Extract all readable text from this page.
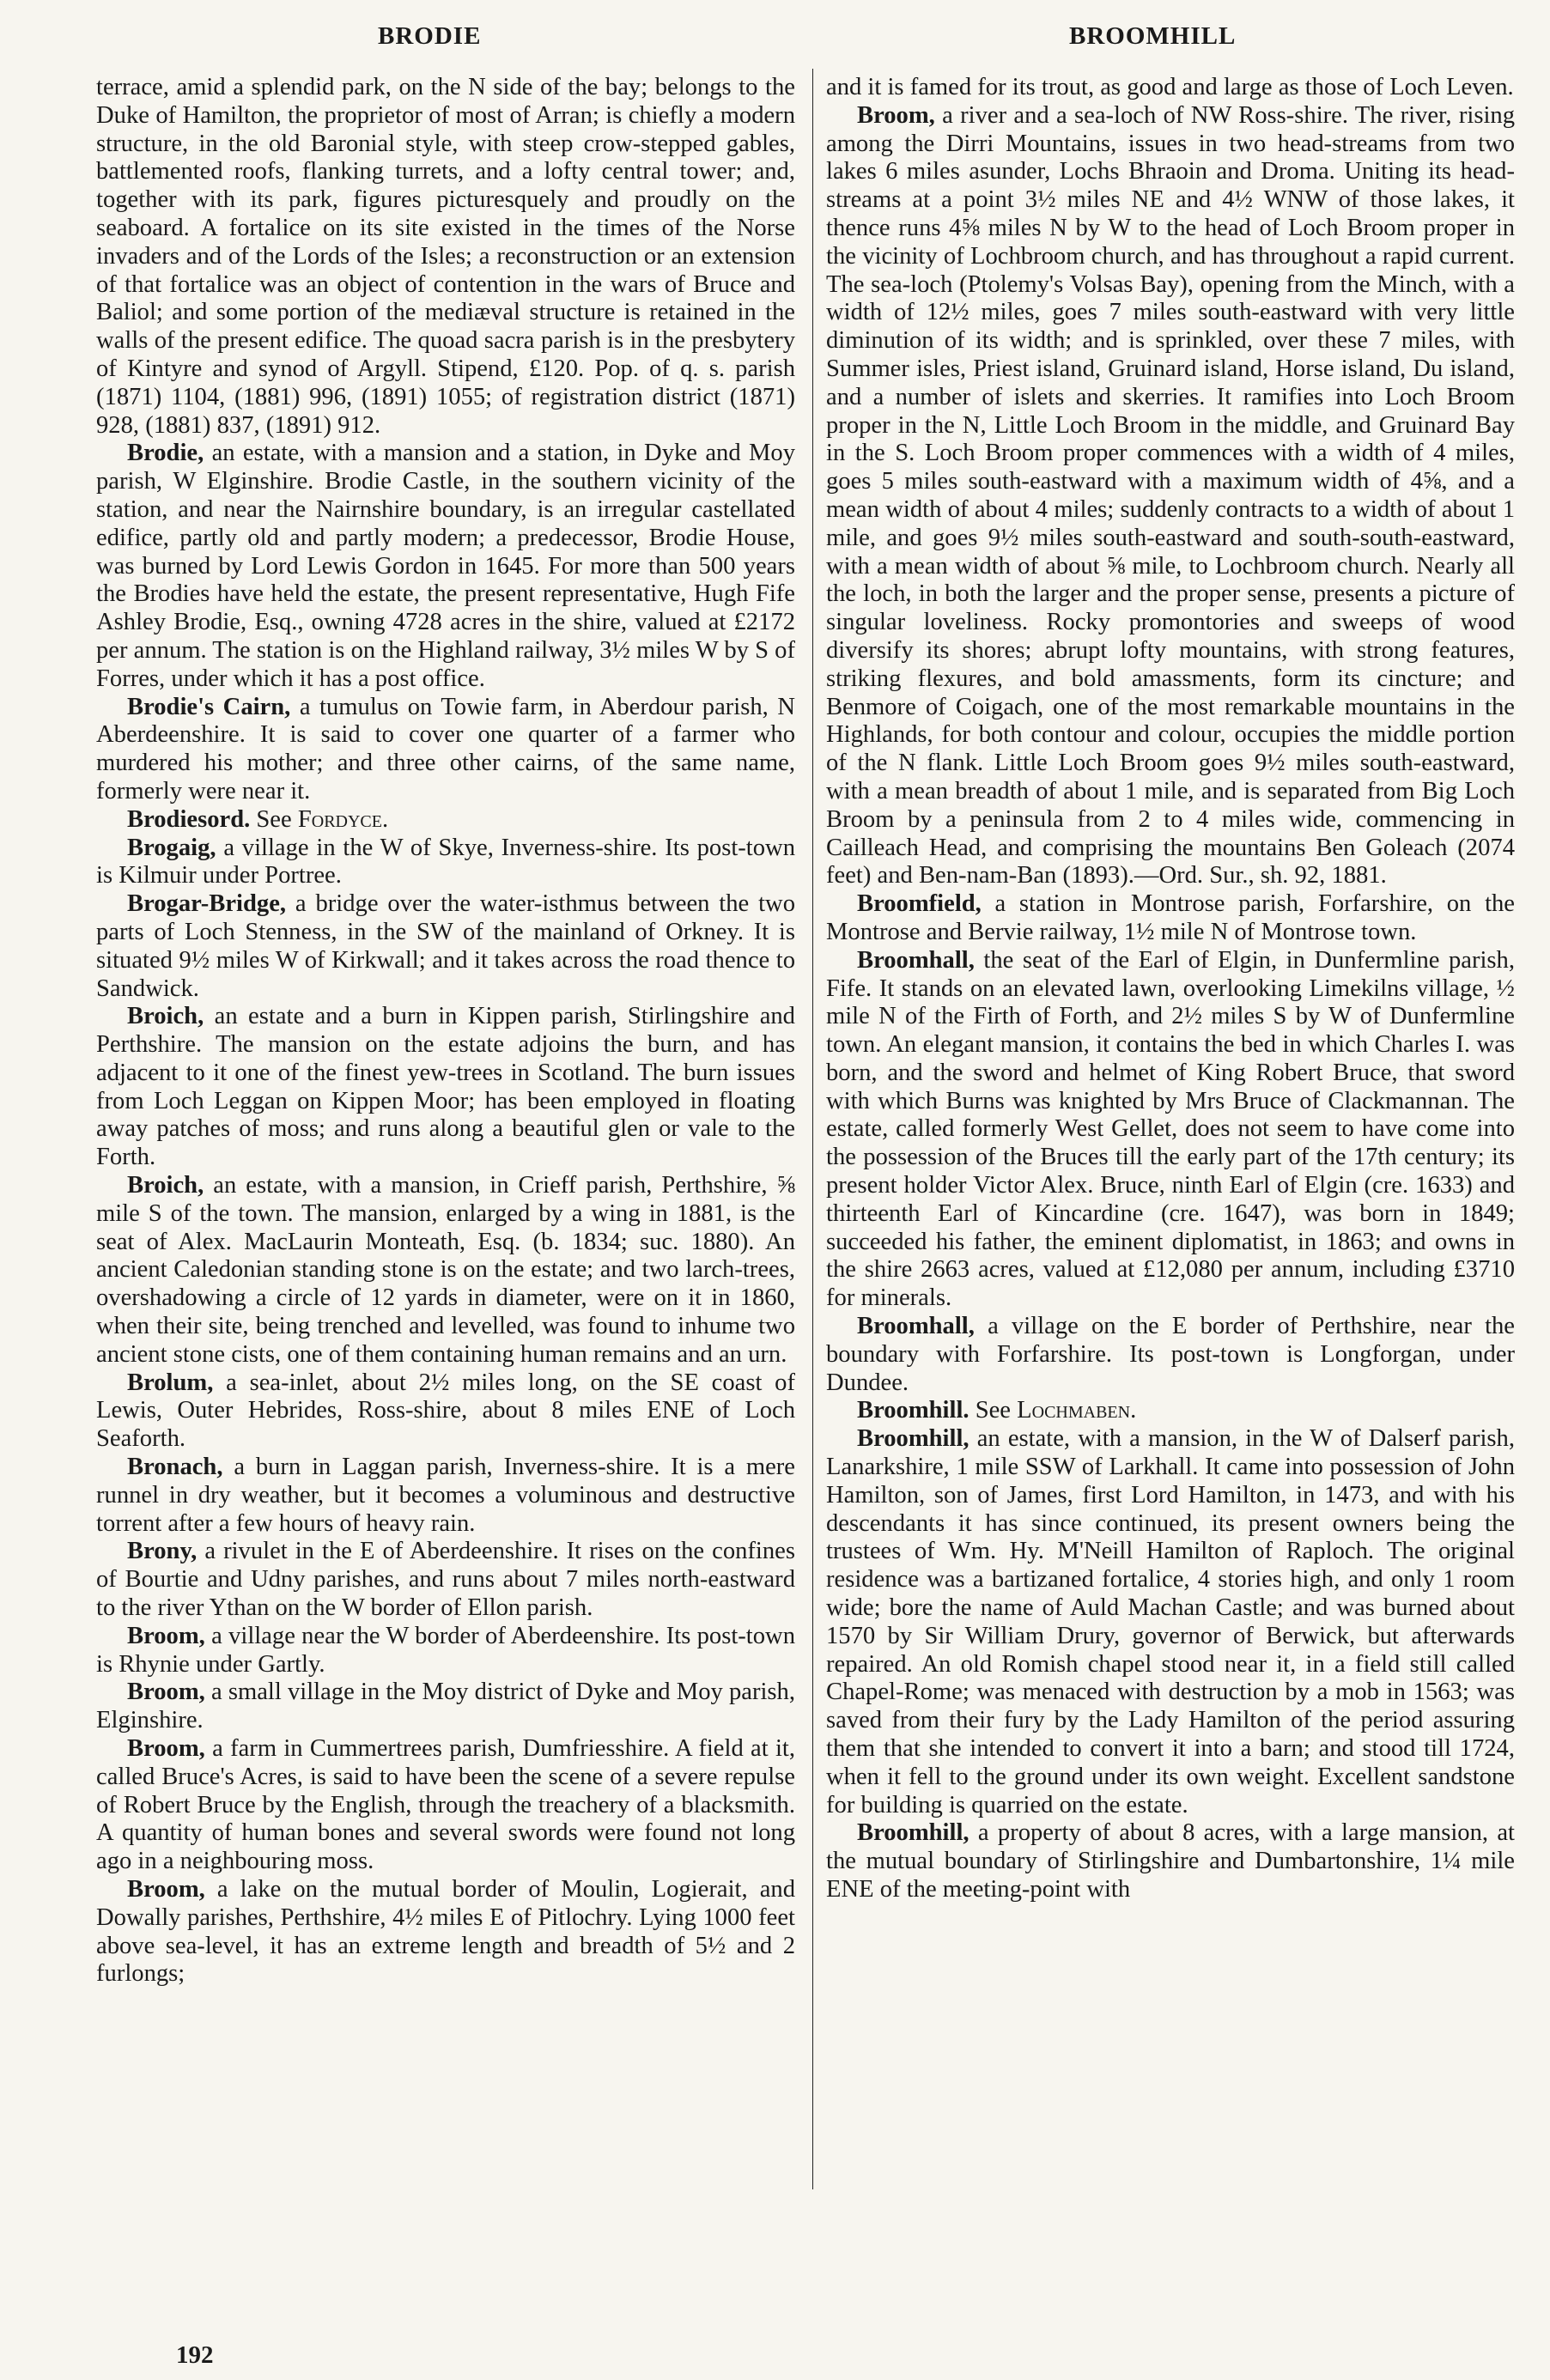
BRODIE	BROOMHILL

terrace, amid a splendid park, on the N side of the bay; belongs to the Duke of Hamilton, the proprietor of most of Arran; is chiefly a modern structure, in the old Baronial style, with steep crow-stepped gables, battlemented roofs, flanking turrets, and a lofty central tower; and, together with its park, figures picturesquely and proudly on the seaboard. A fortalice on its site existed in the times of the Norse invaders and of the Lords of the Isles; a reconstruction or an extension of that fortalice was an object of contention in the wars of Bruce and Baliol; and some portion of the mediæval structure is retained in the walls of the present edifice. The quoad sacra parish is in the presbytery of Kintyre and synod of Argyll. Stipend, £120. Pop. of q. s. parish (1871) 1104, (1881) 996, (1891) 1055; of registration district (1871) 928, (1881) 837, (1891) 912.

Brodie, an estate, with a mansion and a station, in Dyke and Moy parish, W Elginshire. Brodie Castle, in the southern vicinity of the station, and near the Nairnshire boundary, is an irregular castellated edifice, partly old and partly modern; a predecessor, Brodie House, was burned by Lord Lewis Gordon in 1645. For more than 500 years the Brodies have held the estate, the present representative, Hugh Fife Ashley Brodie, Esq., owning 4728 acres in the shire, valued at £2172 per annum. The station is on the Highland railway, 3½ miles W by S of Forres, under which it has a post office.

Brodie's Cairn, a tumulus on Towie farm, in Aberdour parish, N Aberdeenshire. It is said to cover one quarter of a farmer who murdered his mother; and three other cairns, of the same name, formerly were near it.

Brodiesord. See Fordyce.

Brogaig, a village in the W of Skye, Inverness-shire. Its post-town is Kilmuir under Portree.

Brogar-Bridge, a bridge over the water-isthmus between the two parts of Loch Stenness, in the SW of the mainland of Orkney. It is situated 9½ miles W of Kirkwall; and it takes across the road thence to Sandwick.

Broich, an estate and a burn in Kippen parish, Stirlingshire and Perthshire. The mansion on the estate adjoins the burn, and has adjacent to it one of the finest yew-trees in Scotland. The burn issues from Loch Leggan on Kippen Moor; has been employed in floating away patches of moss; and runs along a beautiful glen or vale to the Forth.

Broich, an estate, with a mansion, in Crieff parish, Perthshire, ⅝ mile S of the town. The mansion, enlarged by a wing in 1881, is the seat of Alex. MacLaurin Monteath, Esq. (b. 1834; suc. 1880). An ancient Caledonian standing stone is on the estate; and two larch-trees, overshadowing a circle of 12 yards in diameter, were on it in 1860, when their site, being trenched and levelled, was found to inhume two ancient stone cists, one of them containing human remains and an urn.

Brolum, a sea-inlet, about 2½ miles long, on the SE coast of Lewis, Outer Hebrides, Ross-shire, about 8 miles ENE of Loch Seaforth.

Bronach, a burn in Laggan parish, Inverness-shire. It is a mere runnel in dry weather, but it becomes a voluminous and destructive torrent after a few hours of heavy rain.

Brony, a rivulet in the E of Aberdeenshire. It rises on the confines of Bourtie and Udny parishes, and runs about 7 miles north-eastward to the river Ythan on the W border of Ellon parish.

Broom, a village near the W border of Aberdeenshire. Its post-town is Rhynie under Gartly.

Broom, a small village in the Moy district of Dyke and Moy parish, Elginshire.

Broom, a farm in Cummertrees parish, Dumfriesshire. A field at it, called Bruce's Acres, is said to have been the scene of a severe repulse of Robert Bruce by the English, through the treachery of a blacksmith. A quantity of human bones and several swords were found not long ago in a neighbouring moss.

Broom, a lake on the mutual border of Moulin, Logierait, and Dowally parishes, Perthshire, 4½ miles E of Pitlochry. Lying 1000 feet above sea-level, it has an extreme length and breadth of 5½ and 2 furlongs;

and it is famed for its trout, as good and large as those of Loch Leven.

Broom, a river and a sea-loch of NW Ross-shire. The river, rising among the Dirri Mountains, issues in two head-streams from two lakes 6 miles asunder, Lochs Bhraoin and Droma. Uniting its head-streams at a point 3½ miles NE and 4½ WNW of those lakes, it thence runs 4⅝ miles N by W to the head of Loch Broom proper in the vicinity of Lochbroom church, and has throughout a rapid current. The sea-loch (Ptolemy's Volsas Bay), opening from the Minch, with a width of 12½ miles, goes 7 miles south-eastward with very little diminution of its width; and is sprinkled, over these 7 miles, with Summer isles, Priest island, Gruinard island, Horse island, Du island, and a number of islets and skerries. It ramifies into Loch Broom proper in the N, Little Loch Broom in the middle, and Gruinard Bay in the S. Loch Broom proper commences with a width of 4 miles, goes 5 miles south-eastward with a maximum width of 4⅝, and a mean width of about 4 miles; suddenly contracts to a width of about 1 mile, and goes 9½ miles south-eastward and south-south-eastward, with a mean width of about ⅝ mile, to Lochbroom church. Nearly all the loch, in both the larger and the proper sense, presents a picture of singular loveliness. Rocky promontories and sweeps of wood diversify its shores; abrupt lofty mountains, with strong features, striking flexures, and bold amassments, form its cincture; and Benmore of Coigach, one of the most remarkable mountains in the Highlands, for both contour and colour, occupies the middle portion of the N flank. Little Loch Broom goes 9½ miles south-eastward, with a mean breadth of about 1 mile, and is separated from Big Loch Broom by a peninsula from 2 to 4 miles wide, commencing in Cailleach Head, and comprising the mountains Ben Goleach (2074 feet) and Ben-nam-Ban (1893).—Ord. Sur., sh. 92, 1881.

Broomfield, a station in Montrose parish, Forfarshire, on the Montrose and Bervie railway, 1½ mile N of Montrose town.

Broomhall, the seat of the Earl of Elgin, in Dunfermline parish, Fife. It stands on an elevated lawn, overlooking Limekilns village, ½ mile N of the Firth of Forth, and 2½ miles S by W of Dunfermline town. An elegant mansion, it contains the bed in which Charles I. was born, and the sword and helmet of King Robert Bruce, that sword with which Burns was knighted by Mrs Bruce of Clackmannan. The estate, called formerly West Gellet, does not seem to have come into the possession of the Bruces till the early part of the 17th century; its present holder Victor Alex. Bruce, ninth Earl of Elgin (cre. 1633) and thirteenth Earl of Kincardine (cre. 1647), was born in 1849; succeeded his father, the eminent diplomatist, in 1863; and owns in the shire 2663 acres, valued at £12,080 per annum, including £3710 for minerals.

Broomhall, a village on the E border of Perthshire, near the boundary with Forfarshire. Its post-town is Longforgan, under Dundee.

Broomhill. See Lochmaben.

Broomhill, an estate, with a mansion, in the W of Dalserf parish, Lanarkshire, 1 mile SSW of Larkhall. It came into possession of John Hamilton, son of James, first Lord Hamilton, in 1473, and with his descendants it has since continued, its present owners being the trustees of Wm. Hy. M'Neill Hamilton of Raploch. The original residence was a bartizaned fortalice, 4 stories high, and only 1 room wide; bore the name of Auld Machan Castle; and was burned about 1570 by Sir William Drury, governor of Berwick, but afterwards repaired. An old Romish chapel stood near it, in a field still called Chapel-Rome; was menaced with destruction by a mob in 1563; was saved from their fury by the Lady Hamilton of the period assuring them that she intended to convert it into a barn; and stood till 1724, when it fell to the ground under its own weight. Excellent sandstone for building is quarried on the estate.

Broomhill, a property of about 8 acres, with a large mansion, at the mutual boundary of Stirlingshire and Dumbartonshire, 1¼ mile ENE of the meeting-point with

192
